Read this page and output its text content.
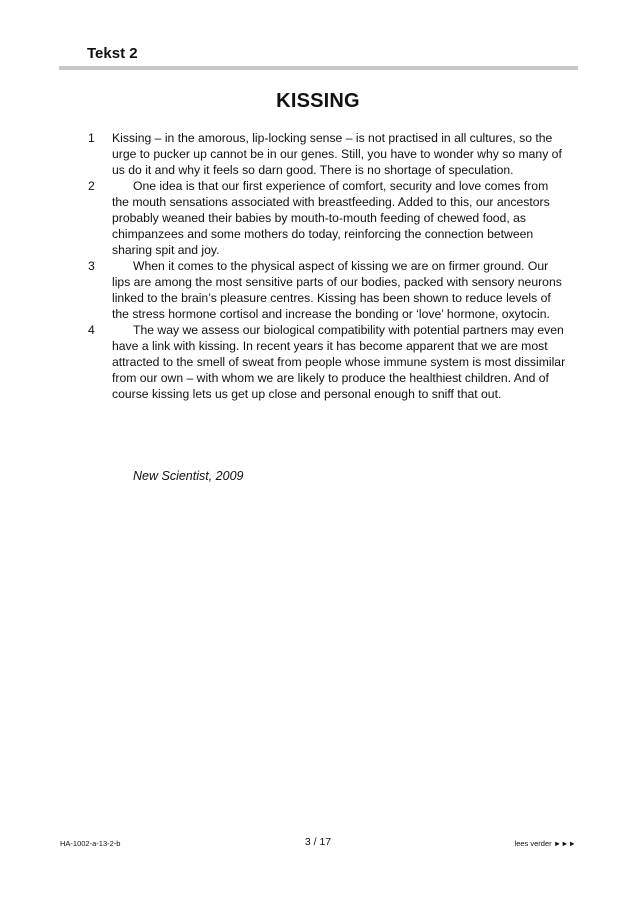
Tekst 2
KISSING
1 Kissing – in the amorous, lip-locking sense – is not practised in all cultures, so the urge to pucker up cannot be in our genes. Still, you have to wonder why so many of us do it and why it feels so darn good. There is no shortage of speculation.
2	One idea is that our first experience of comfort, security and love comes from the mouth sensations associated with breastfeeding. Added to this, our ancestors probably weaned their babies by mouth-to-mouth feeding of chewed food, as chimpanzees and some mothers do today, reinforcing the connection between sharing spit and joy.
3	When it comes to the physical aspect of kissing we are on firmer ground. Our lips are among the most sensitive parts of our bodies, packed with sensory neurons linked to the brain’s pleasure centres. Kissing has been shown to reduce levels of the stress hormone cortisol and increase the bonding or ‘love’ hormone, oxytocin.
4	The way we assess our biological compatibility with potential partners may even have a link with kissing. In recent years it has become apparent that we are most attracted to the smell of sweat from people whose immune system is most dissimilar from our own – with whom we are likely to produce the healthiest children. And of course kissing lets us get up close and personal enough to sniff that out.
New Scientist, 2009
HA-1002-a-13-2-b	3 / 17	lees verder ►►►
